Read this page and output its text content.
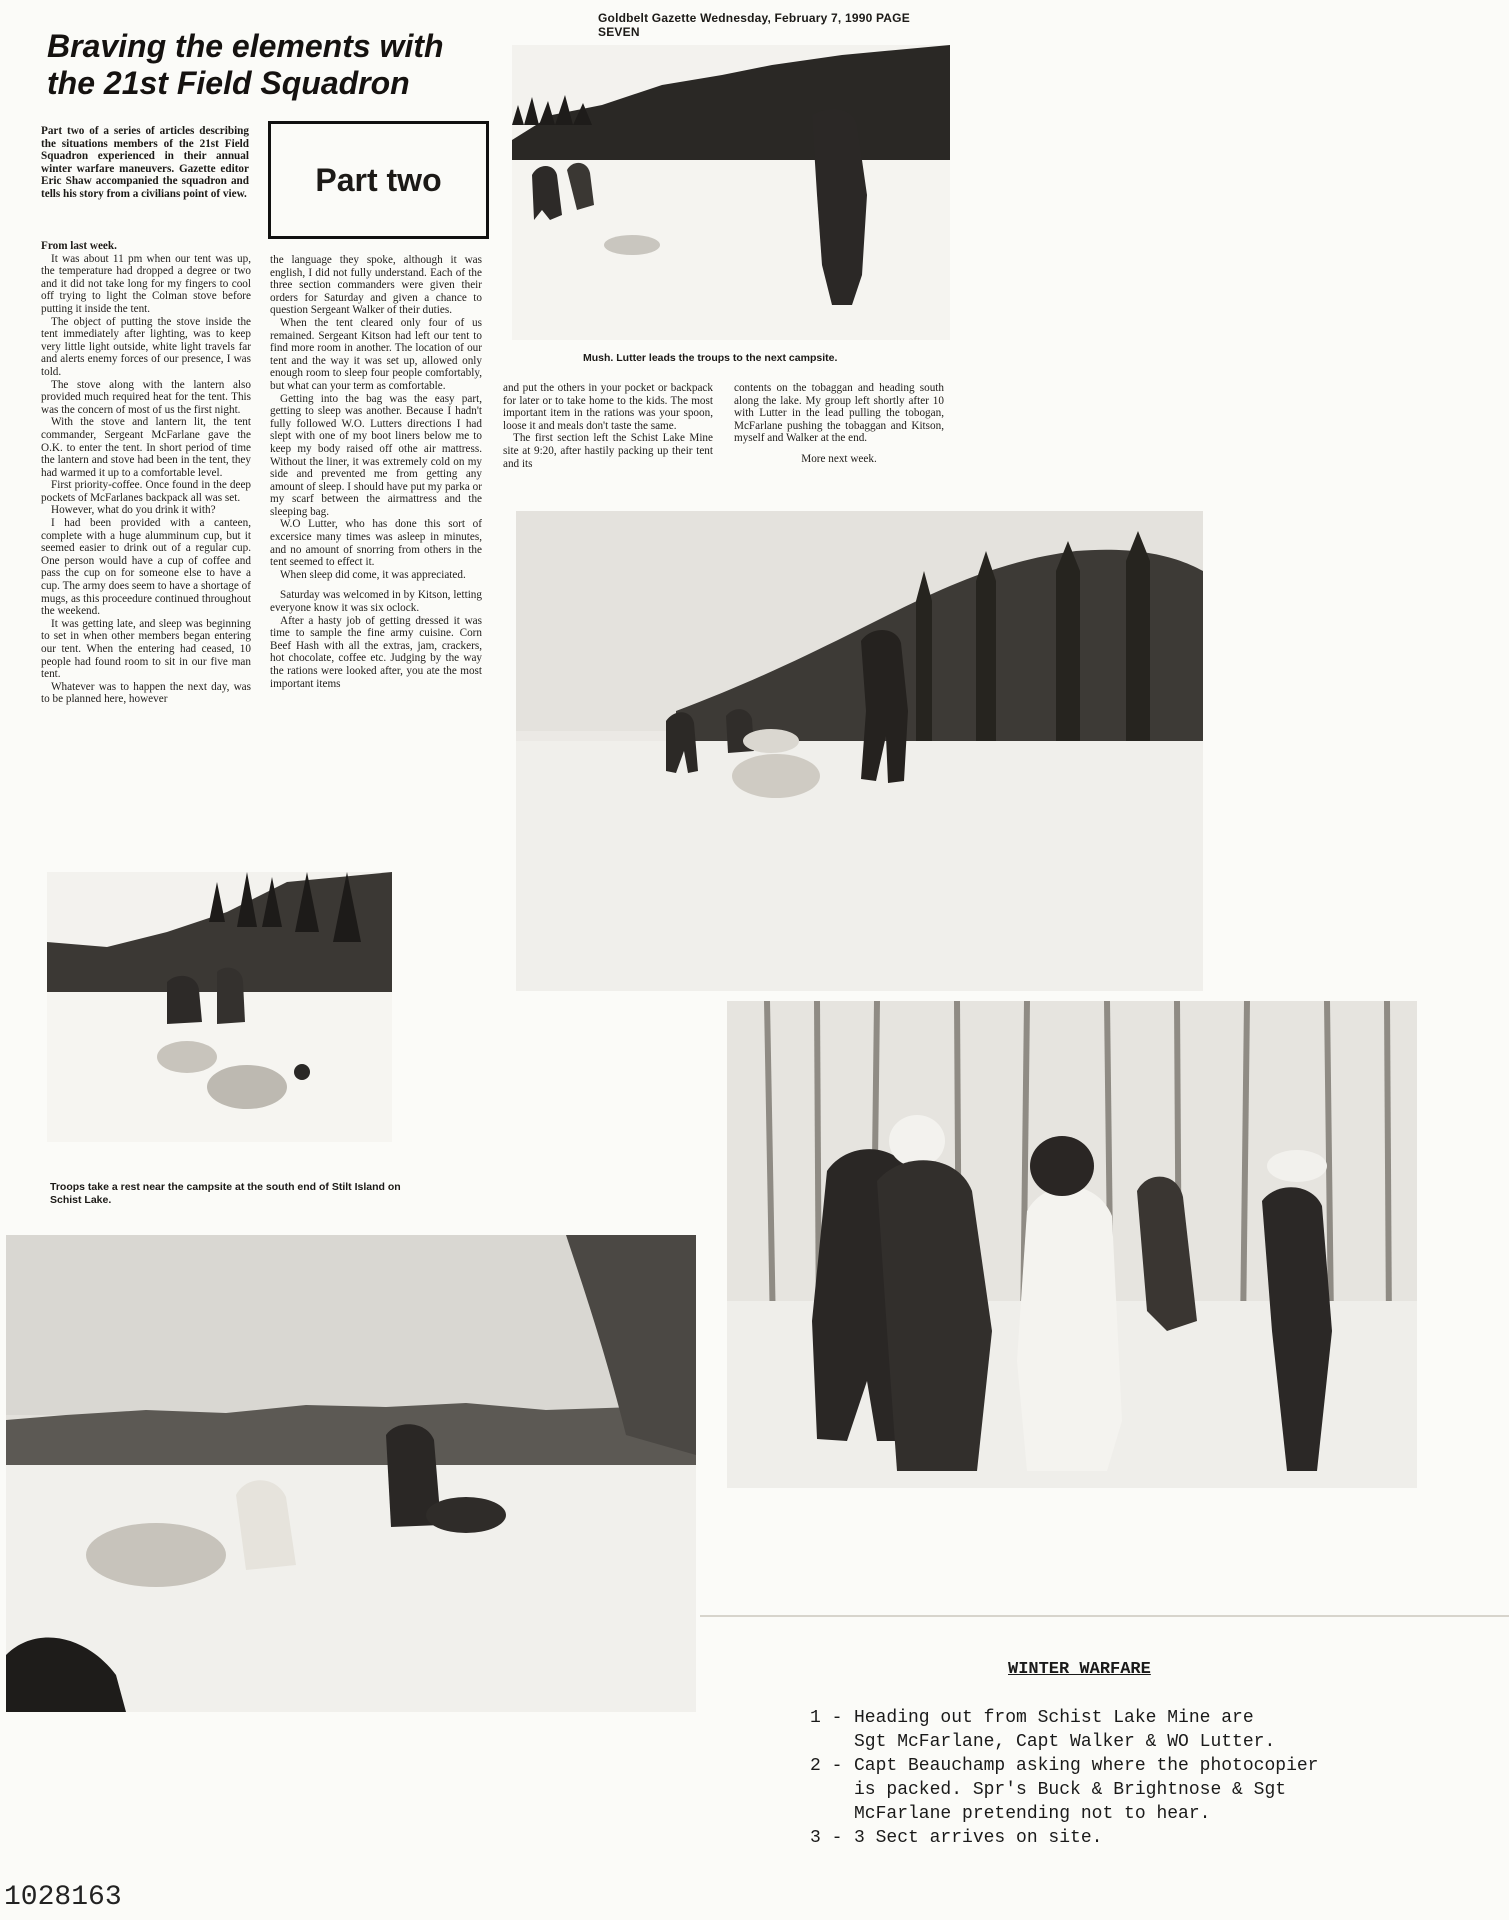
Goldbelt Gazette Wednesday, February 7, 1990 PAGE SEVEN
Braving the elements with the 21st Field Squadron
Part two
Part two of a series of articles describing the situations members of the 21st Field Squadron experienced in their annual winter warfare maneuvers. Gazette editor Eric Shaw accompanied the squadron and tells his story from a civilians point of view.

From last week.

It was about 11 pm when our tent was up, the temperature had dropped a degree or two and it did not take long for my fingers to cool off trying to light the Colman stove before putting it inside the tent.

The object of putting the stove inside the tent immediately after lighting, was to keep very little light outside, white light travels far and alerts enemy forces of our presence, I was told.

The stove along with the lantern also provided much required heat for the tent. This was the concern of most of us the first night.

With the stove and lantern lit, the tent commander, Sergeant McFarlane gave the O.K. to enter the tent. In short period of time the lantern and stove had been in the tent, they had warmed it up to a comfortable level.

First priority-coffee. Once found in the deep pockets of McFarlanes backpack all was set.

However, what do you drink it with?

I had been provided with a canteen, complete with a huge alumminum cup, but it seemed easier to drink out of a regular cup. One person would have a cup of coffee and pass the cup on for someone else to have a cup. The army does seem to have a shortage of mugs, as this proceedure continued throughout the weekend.

It was getting late, and sleep was beginning to set in when other members began entering our tent. When the entering had ceased, 10 people had found room to sit in our five man tent.

Whatever was to happen the next day, was to be planned here, however

the language they spoke, although it was english, I did not fully understand. Each of the three section commanders were given their orders for Saturday and given a chance to question Sergeant Walker of their duties.

When the tent cleared only four of us remained. Sergeant Kitson had left our tent to find more room in another. The location of our tent and the way it was set up, allowed only enough room to sleep four people comfortably, but what can your term as comfortable.

Getting into the bag was the easy part, getting to sleep was another. Because I hadn't fully followed W.O. Lutters directions I had slept with one of my boot liners below me to keep my body raised off othe air mattress. Without the liner, it was extremely cold on my side and prevented me from getting any amount of sleep. I should have put my parka or my scarf between the airmattress and the sleeping bag.

W.O Lutter, who has done this sort of excersice many times was asleep in minutes, and no amount of snorring from others in the tent seemed to effect it.

When sleep did come, it was appreciated.

Saturday was welcomed in by Kitson, letting everyone know it was six oclock.

After a hasty job of getting dressed it was time to sample the fine army cuisine. Corn Beef Hash with all the extras, jam, crackers, hot chocolate, coffee etc. Judging by the way the rations were looked after, you ate the most important items

and put the others in your pocket or backpack for later or to take home to the kids. The most important item in the rations was your spoon, loose it and meals don't taste the same.

The first section left the Schist Lake Mine site at 9:20, after hastily packing up their tent and its

contents on the tobaggan and heading south along the lake. My group left shortly after 10 with Lutter in the lead pulling the tobogan, McFarlane pushing the tobaggan and Kitson, myself and Walker at the end.

More next week.

Mush. Lutter leads the troups to the next campsite.
Troops take a rest near the campsite at the south end of Stilt Island on Schist Lake.
WINTER WARFARE
1 - Heading out from Schist Lake Mine are
Sgt McFarlane, Capt Walker & WO Lutter.
2 - Capt Beauchamp asking where the photocopier
is packed. Spr's Buck & Brightnose & Sgt
McFarlane pretending not to hear.
3 - 3 Sect arrives on site.
1028163
